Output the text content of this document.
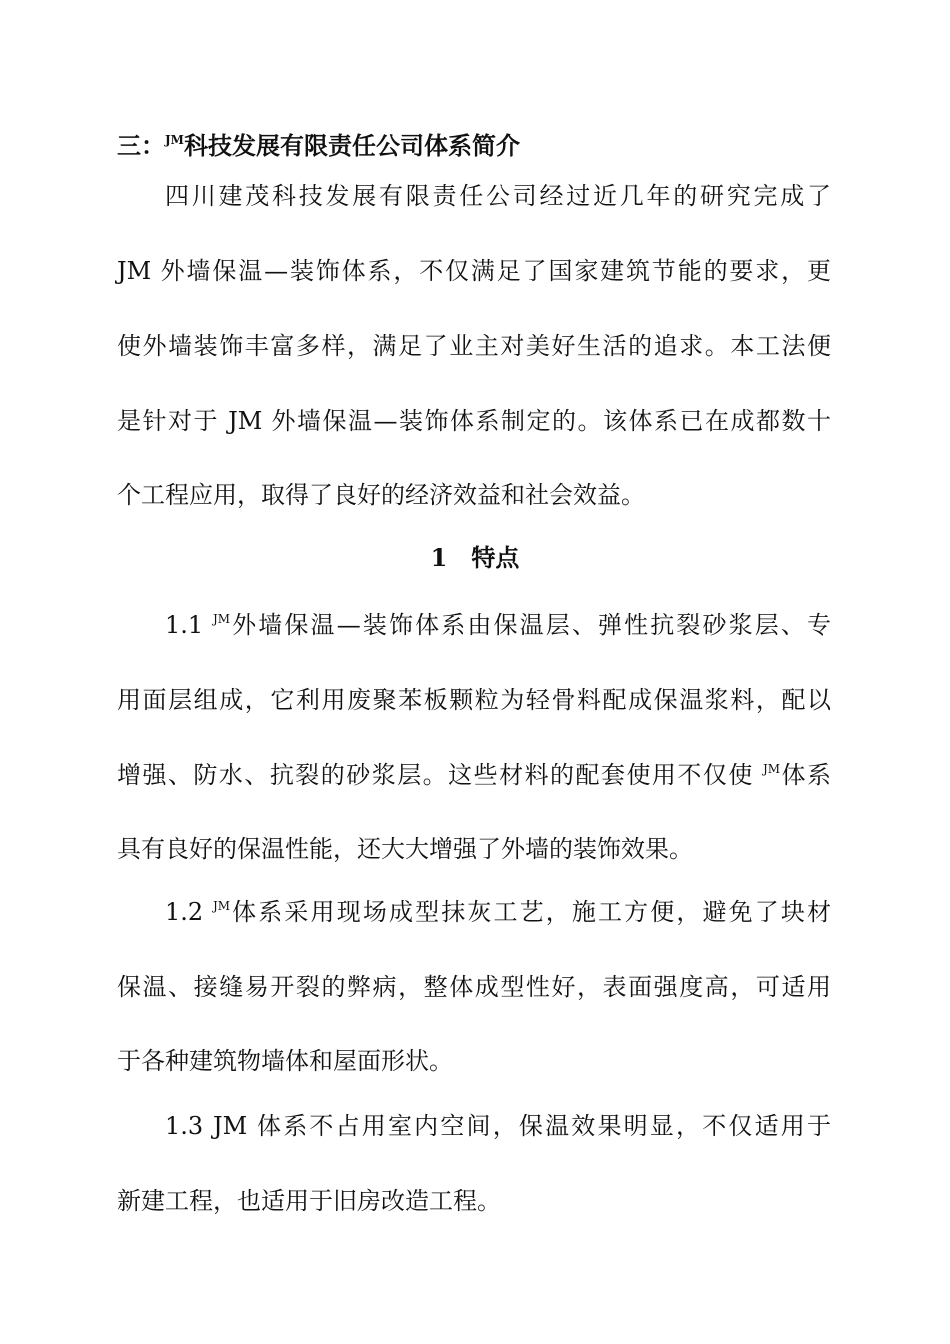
三：$^{JM}$科技发展有限责任公司体系简介
四川建茂科技发展有限责任公司经过近几年的研究完成了
JM 外墙保温—装饰体系，不仅满足了国家建筑节能的要求，更
使外墙装饰丰富多样，满足了业主对美好生活的追求。本工法便
是针对于 JM 外墙保温—装饰体系制定的。该体系已在成都数十
个工程应用，取得了良好的经济效益和社会效益。
1　特点
1.1 $^{JM}$外墙保温—装饰体系由保温层、弹性抗裂砂浆层、专
用面层组成，它利用废聚苯板颗粒为轻骨料配成保温浆料，配以
增强、防水、抗裂的砂浆层。这些材料的配套使用不仅使 $^{JM}$体系
具有良好的保温性能，还大大增强了外墙的装饰效果。
1.2 $^{JM}$体系采用现场成型抹灰工艺，施工方便，避免了块材
保温、接缝易开裂的弊病，整体成型性好，表面强度高，可适用
于各种建筑物墙体和屋面形状。
1.3 JM 体系不占用室内空间，保温效果明显，不仅适用于
新建工程，也适用于旧房改造工程。
